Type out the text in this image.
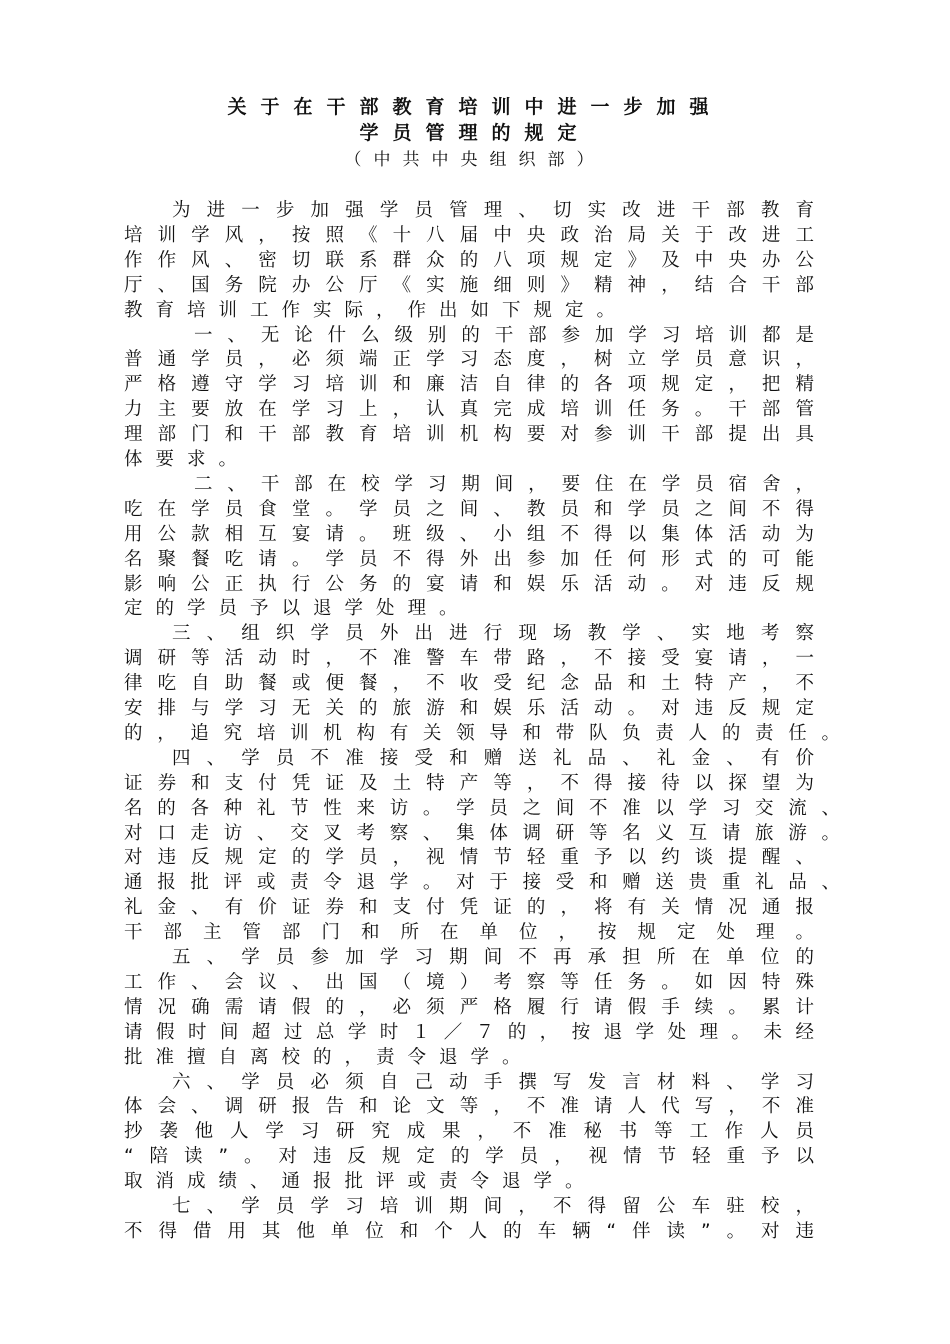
关于在干部教育培训中进一步加强
学员管理的规定
（中共中央组织部）
为进一步加强学员管理、切实改进干部教育
培训学风，按照《十八届中央政治局关于改进工
作作风、密切联系群众的八项规定》及中央办公
厅、国务院办公厅《实施细则》精神，结合干部
教育培训工作实际，作出如下规定。
一、无论什么级别的干部参加学习培训都是
普通学员，必须端正学习态度，树立学员意识，
严格遵守学习培训和廉洁自律的各项规定，把精
力主要放在学习上，认真完成培训任务。干部管
理部门和干部教育培训机构要对参训干部提出具
体要求。
二、干部在校学习期间，要住在学员宿舍，
吃在学员食堂。学员之间、教员和学员之间不得
用公款相互宴请。班级、小组不得以集体活动为
名聚餐吃请。学员不得外出参加任何形式的可能
影响公正执行公务的宴请和娱乐活动。对违反规
定的学员予以退学处理。
三、组织学员外出进行现场教学、实地考察
调研等活动时，不准警车带路，不接受宴请，一
律吃自助餐或便餐，不收受纪念品和土特产，不
安排与学习无关的旅游和娱乐活动。对违反规定
的，追究培训机构有关领导和带队负责人的责任。
四、学员不准接受和赠送礼品、礼金、有价
证券和支付凭证及土特产等，不得接待以探望为
名的各种礼节性来访。学员之间不准以学习交流、
对口走访、交叉考察、集体调研等名义互请旅游。
对违反规定的学员，视情节轻重予以约谈提醒、
通报批评或责令退学。对于接受和赠送贵重礼品、
礼金、有价证券和支付凭证的，将有关情况通报
干部主管部门和所在单位，按规定处理。
五、学员参加学习期间不再承担所在单位的
工作、会议、出国（境）考察等任务。如因特殊
情况确需请假的，必须严格履行请假手续。累计
请假时间超过总学时１／７的，按退学处理。未经
批准擅自离校的，责令退学。
六、学员必须自己动手撰写发言材料、学习
体会、调研报告和论文等，不准请人代写，不准
抄袭他人学习研究成果，不准秘书等工作人员
“陪读”。对违反规定的学员，视情节轻重予以
取消成绩、通报批评或责令退学。
七、学员学习培训期间，不得留公车驻校，
不得借用其他单位和个人的车辆“伴读”。对违
